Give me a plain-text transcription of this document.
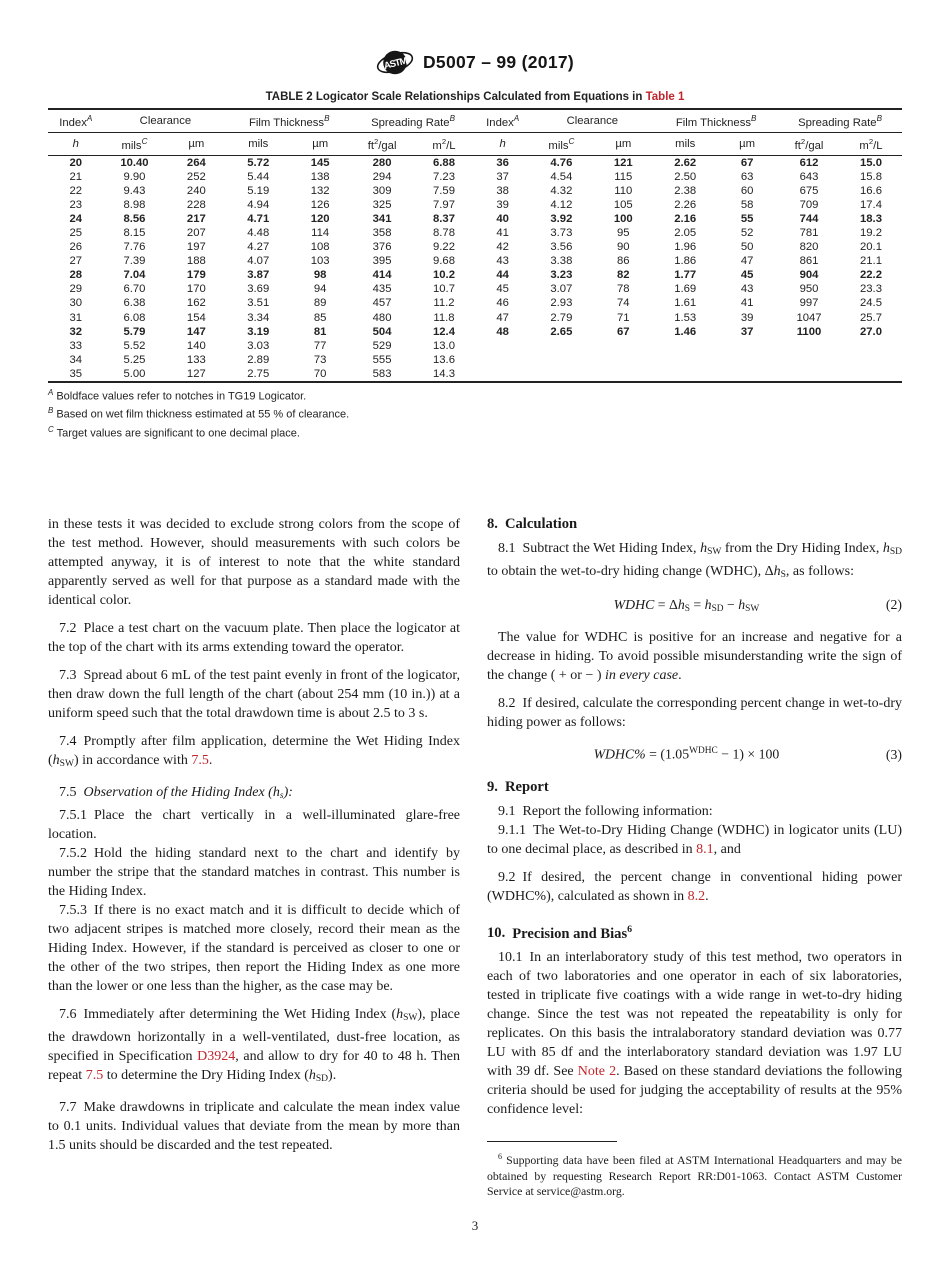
ASTM D5007 – 99 (2017)
TABLE 2 Logicator Scale Relationships Calculated from Equations in Table 1
Index$^A$	Clearance		Film Thickness$^B$		Spreading Rate$^B$		Index$^A$	Clearance		Film Thickness$^B$		Spreading Rate$^B$
h	mils$^C$	µm	mils	µm	$ft^2$/gal	$m^2/L$	h	mils$^C$	µm	mils	µm	$ft^2$/gal	$m^2/L$
20	10.40	264	5.72	145	280	6.88	36	4.76	121	2.62	67	612	15.0
21	9.90	252	5.44	138	294	7.23	37	4.54	115	2.50	63	643	15.8
22	9.43	240	5.19	132	309	7.59	38	4.32	110	2.38	60	675	16.6
23	8.98	228	4.94	126	325	7.97	39	4.12	105	2.26	58	709	17.4
24	8.56	217	4.71	120	341	8.37	40	3.92	100	2.16	55	744	18.3
25	8.15	207	4.48	114	358	8.78	41	3.73	95	2.05	52	781	19.2
26	7.76	197	4.27	108	376	9.22	42	3.56	90	1.96	50	820	20.1
27	7.39	188	4.07	103	395	9.68	43	3.38	86	1.86	47	861	21.1
28	7.04	179	3.87	98	414	10.2	44	3.23	82	1.77	45	904	22.2
29	6.70	170	3.69	94	435	10.7	45	3.07	78	1.69	43	950	23.3
30	6.38	162	3.51	89	457	11.2	46	2.93	74	1.61	41	997	24.5
31	6.08	154	3.34	85	480	11.8	47	2.79	71	1.53	39	1047	25.7
32	5.79	147	3.19	81	504	12.4	48	2.65	67	1.46	37	1100	27.0
33	5.52	140	3.03	77	529	13.0							
34	5.25	133	2.89	73	555	13.6							
35	5.00	127	2.75	70	583	14.3							
$^A$ Boldface values refer to notches in TG19 Logicator.
$^B$ Based on wet film thickness estimated at 55 % of clearance.
$^C$ Target values are significant to one decimal place.

in these tests it was decided to exclude strong colors from the scope of the test method. However, should measurements with such colors be attempted anyway, it is of interest to note that the white standard apparently served as well for that purpose as a standard made with the identical color.

7.2 Place a test chart on the vacuum plate. Then place the logicator at the top of the chart with its arms extending toward the operator.

7.3 Spread about 6 mL of the test paint evenly in front of the logicator, then draw down the full length of the chart (about 254 mm (10 in.)) at a uniform speed such that the total drawdown time is about 2.5 to 3 s.

7.4 Promptly after film application, determine the Wet Hiding Index $(h_{SW})$ in accordance with 7.5.

7.5 Observation of the Hiding Index $(h_s)$:

7.5.1 Place the chart vertically in a well-illuminated glare-free location.

7.5.2 Hold the hiding standard next to the chart and identify by number the stripe that the standard matches in contrast. This number is the Hiding Index.

7.5.3 If there is no exact match and it is difficult to decide which of two adjacent stripes is matched more closely, record their mean as the Hiding Index. However, if the standard is perceived as closer to one or the other of the two stripes, then report the Hiding Index as one more than the lower or one less than the higher, as the case may be.

7.6 Immediately after determining the Wet Hiding Index $(h_{SW})$, place the drawdown horizontally in a well-ventilated, dust-free location, as specified in Specification D3924, and allow to dry for 40 to 48 h. Then repeat 7.5 to determine the Dry Hiding Index $(h_{SD})$.

7.7 Make drawdowns in triplicate and calculate the mean index value to 0.1 units. Individual values that deviate from the mean by more than 1.5 units should be discarded and the test repeated.

8. Calculation

8.1 Subtract the Wet Hiding Index, $h_{SW}$ from the Dry Hiding Index, $h_{SD}$ to obtain the wet-to-dry hiding change (WDHC), $\Delta h_S$, as follows:

WDHC = $\Delta h_S = h_{SD} - h_{SW}$	(2)

The value for WDHC is positive for an increase and negative for a decrease in hiding. To avoid possible misunderstanding write the sign of the change ( + or − ) in every case.

8.2 If desired, calculate the corresponding percent change in wet-to-dry hiding power as follows:

WDHC% = $(1.05^{WDHC} - 1) \times 100$	(3)
9. Report

9.1 Report the following information:

9.1.1 The Wet-to-Dry Hiding Change (WDHC) in logicator units (LU) to one decimal place, as described in 8.1, and

9.2 If desired, the percent change in conventional hiding power (WDHC%), calculated as shown in 8.2.

10. Precision and Bias$^6$

10.1 In an interlaboratory study of this test method, two operators in each of two laboratories and one operator in each of six laboratories, tested in triplicate five coatings with a wide range in wet-to-dry hiding change. Since the test was not repeated the repeatability is only for replicates. On this basis the intralaboratory standard deviation was 0.77 LU with 85 df and the interlaboratory standard deviation was 1.97 LU with 39 df. See Note 2. Based on these standard deviations the following criteria should be used for judging the acceptability of results at the 95% confidence level:

$^6$ Supporting data have been filed at ASTM International Headquarters and may be obtained by requesting Research Report RR:D01-1063. Contact ASTM Customer Service at service@astm.org.

3
